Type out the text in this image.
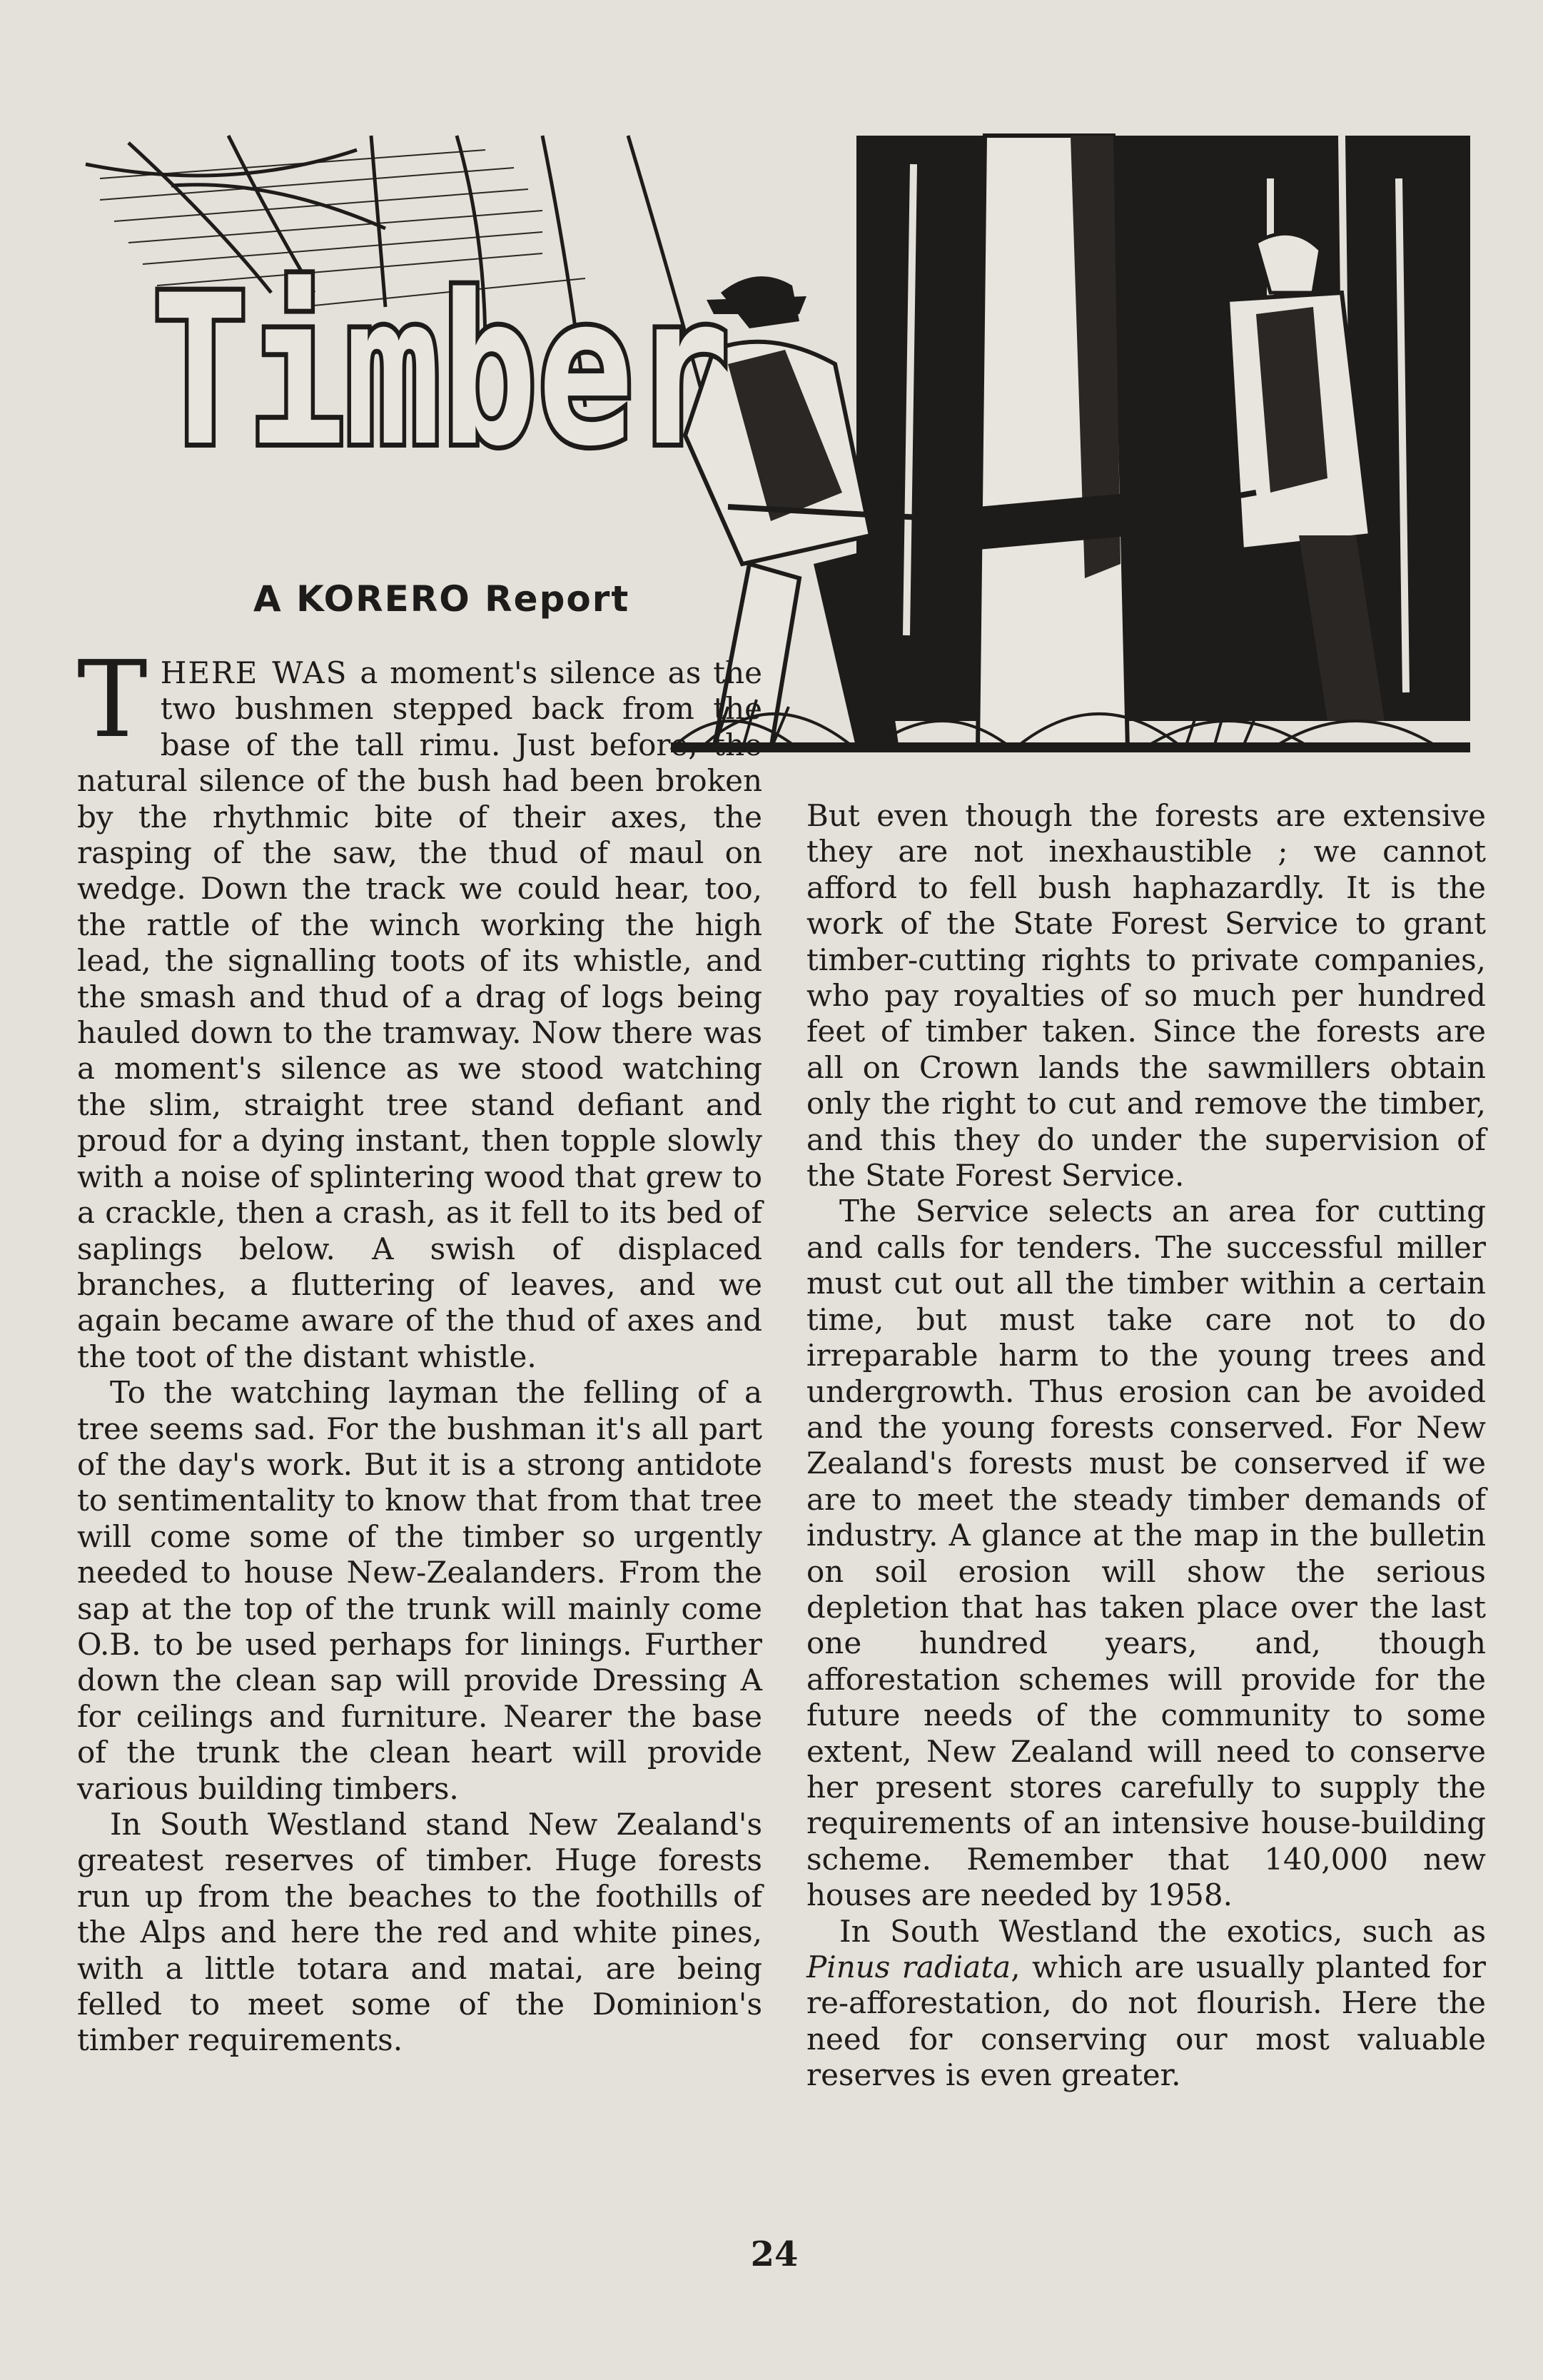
Timber
A KORERO Report

THERE WAS a moment's silence as the two bushmen stepped back from the base of the tall rimu. Just before, the natural silence of the bush had been broken by the rhythmic bite of their axes, the rasping of the saw, the thud of maul on wedge. Down the track we could hear, too, the rattle of the winch working the high lead, the signalling toots of its whistle, and the smash and thud of a drag of logs being hauled down to the tramway. Now there was a moment's silence as we stood watching the slim, straight tree stand defiant and proud for a dying instant, then topple slowly with a noise of splintering wood that grew to a crackle, then a crash, as it fell to its bed of saplings below. A swish of displaced branches, a fluttering of leaves, and we again became aware of the thud of axes and the toot of the distant whistle.

To the watching layman the felling of a tree seems sad. For the bushman it's all part of the day's work. But it is a strong antidote to sentimentality to know that from that tree will come some of the timber so urgently needed to house New-Zealanders. From the sap at the top of the trunk will mainly come O.B. to be used perhaps for linings. Further down the clean sap will provide Dressing A for ceilings and furniture. Nearer the base of the trunk the clean heart will provide various building timbers.

In South Westland stand New Zealand's greatest reserves of timber. Huge forests run up from the beaches to the foothills of the Alps and here the red and white pines, with a little totara and matai, are being felled to meet some of the Dominion's timber requirements.

But even though the forests are extensive they are not inexhaustible ; we cannot afford to fell bush haphazardly. It is the work of the State Forest Service to grant timber-cutting rights to private companies, who pay royalties of so much per hundred feet of timber taken. Since the forests are all on Crown lands the sawmillers obtain only the right to cut and remove the timber, and this they do under the supervision of the State Forest Service.

The Service selects an area for cutting and calls for tenders. The successful miller must cut out all the timber within a certain time, but must take care not to do irreparable harm to the young trees and undergrowth. Thus erosion can be avoided and the young forests conserved. For New Zealand's forests must be conserved if we are to meet the steady timber demands of industry. A glance at the map in the bulletin on soil erosion will show the serious depletion that has taken place over the last one hundred years, and, though afforestation schemes will provide for the future needs of the community to some extent, New Zealand will need to conserve her present stores carefully to supply the requirements of an intensive house-building scheme. Remember that 140,000 new houses are needed by 1958.

In South Westland the exotics, such as Pinus radiata, which are usually planted for re-afforestation, do not flourish. Here the need for conserving our most valuable reserves is even greater.

24
